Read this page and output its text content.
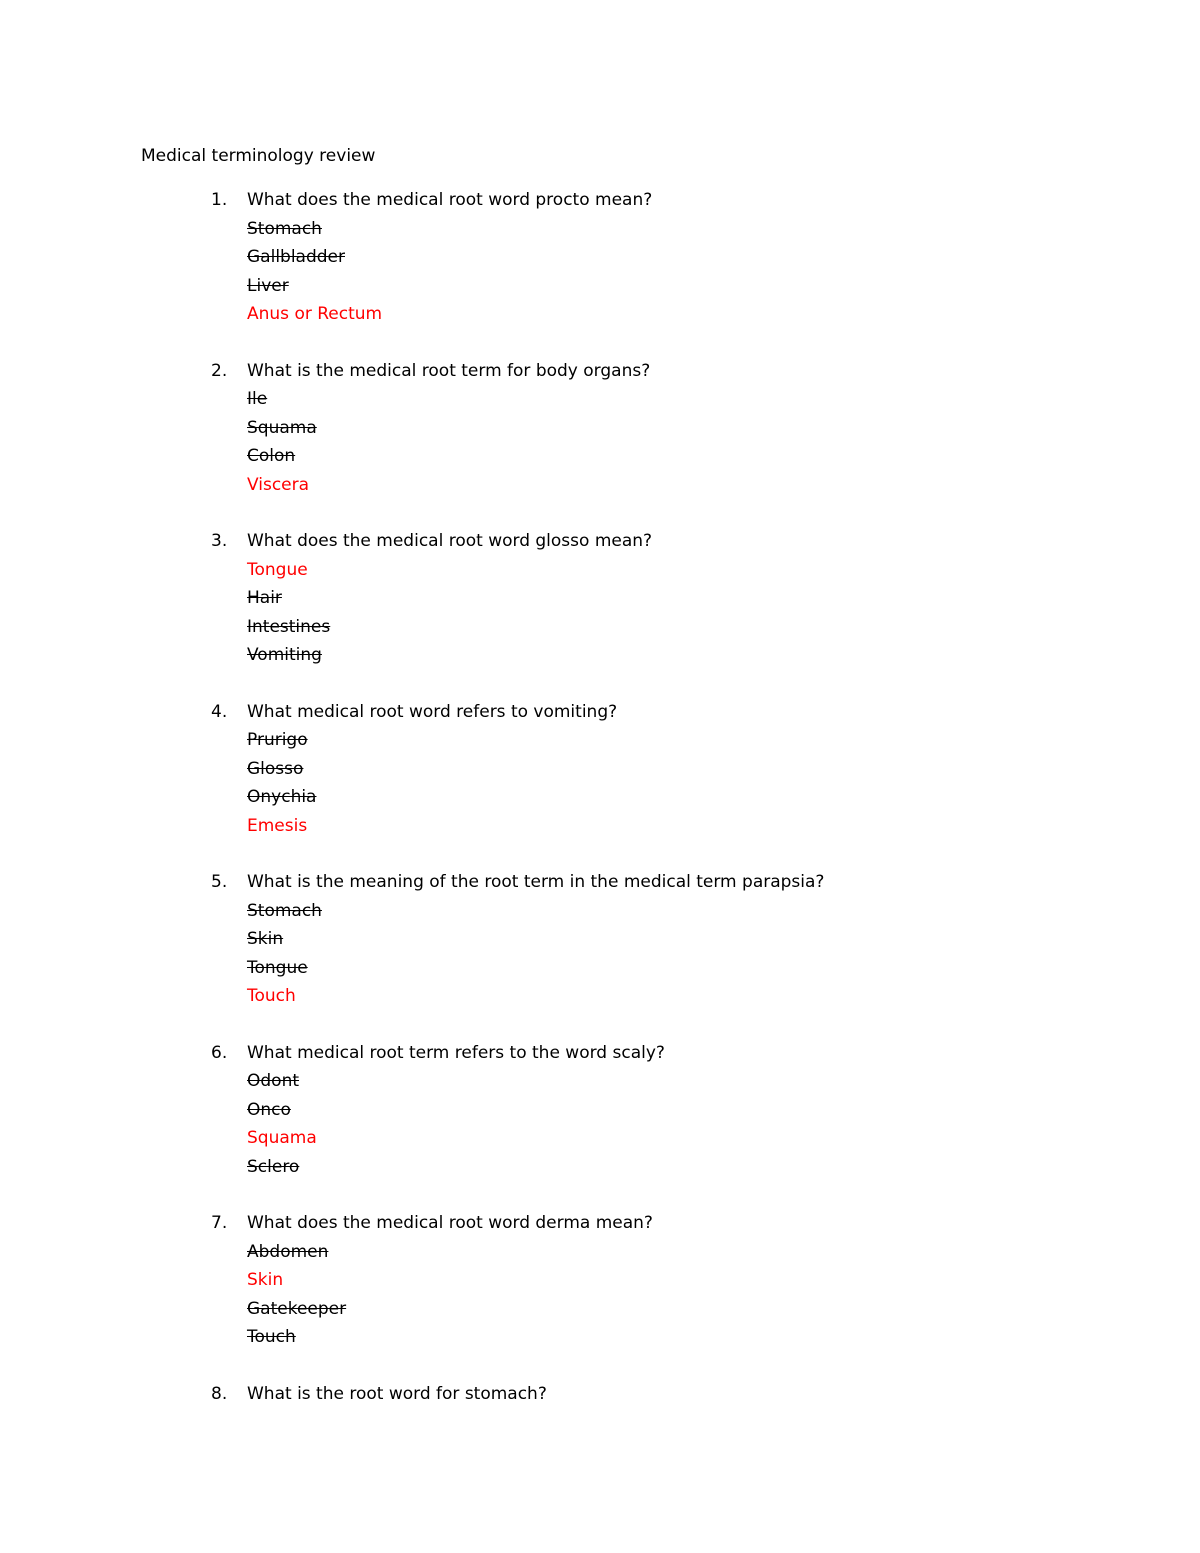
Medical terminology review
1. What does the medical root word procto mean?
Stomach
Gallbladder
Liver
Anus or Rectum
2. What is the medical root term for body organs?
Ile
Squama
Colon
Viscera
3. What does the medical root word glosso mean?
Tongue
Hair
Intestines
Vomiting
4. What medical root word refers to vomiting?
Prurigo
Glosso
Onychia
Emesis
5. What is the meaning of the root term in the medical term parapsia?
Stomach
Skin
Tongue
Touch
6. What medical root term refers to the word scaly?
Odont
Onco
Squama
Sclero
7. What does the medical root word derma mean?
Abdomen
Skin
Gatekeeper
Touch
8. What is the root word for stomach?
